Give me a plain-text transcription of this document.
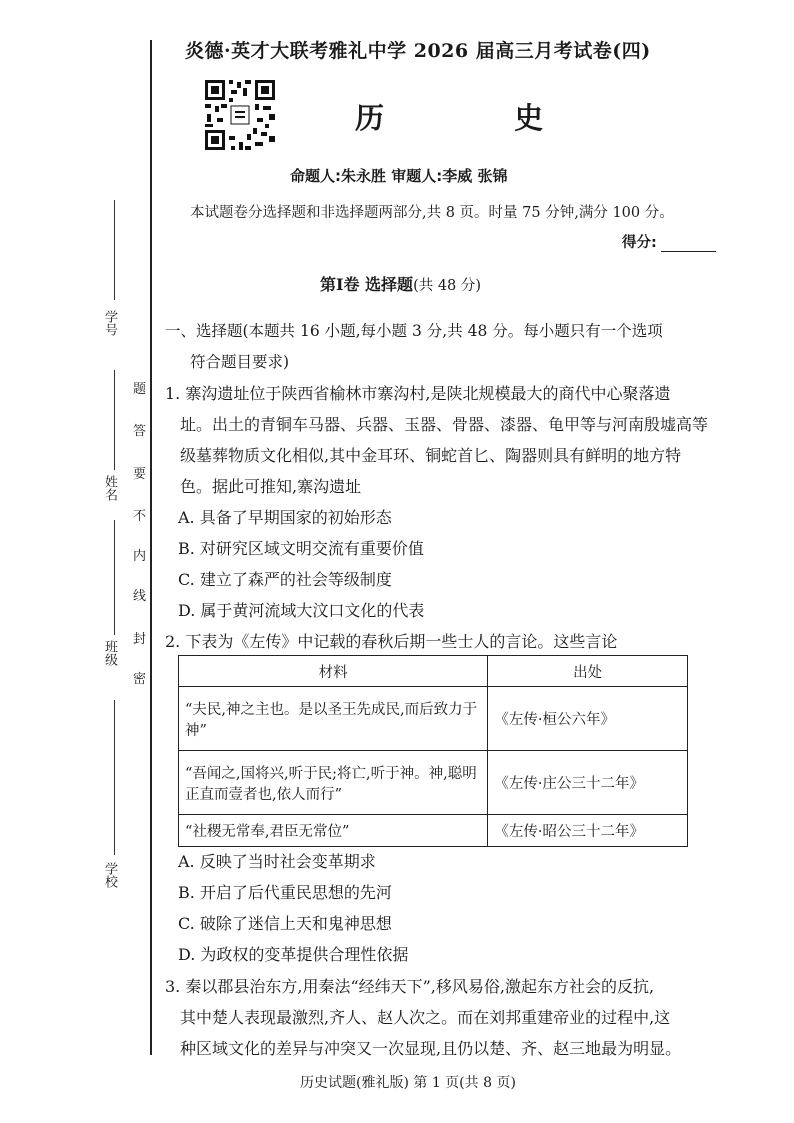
学校
班级
姓名
学号
密
封
线
内
不
要
答
题
炎德·英才大联考雅礼中学 2026 届高三月考试卷(四)
历 史
命题人:朱永胜 审题人:李威 张锦
本试题卷分选择题和非选择题两部分,共 8 页。时量 75 分钟,满分 100 分。
得分:
第Ⅰ卷 选择题(共 48 分)
一、选择题(本题共 16 小题,每小题 3 分,共 48 分。每小题只有一个选项
符合题目要求)
1. 寨沟遗址位于陕西省榆林市寨沟村,是陕北规模最大的商代中心聚落遗
址。出土的青铜车马器、兵器、玉器、骨器、漆器、龟甲等与河南殷墟高等
级墓葬物质文化相似,其中金耳环、铜蛇首匕、陶器则具有鲜明的地方特
色。据此可推知,寨沟遗址
A. 具备了早期国家的初始形态
B. 对研究区域文明交流有重要价值
C. 建立了森严的社会等级制度
D. 属于黄河流域大汶口文化的代表
2. 下表为《左传》中记载的春秋后期一些士人的言论。这些言论
材料	出处
“夫民,神之主也。是以圣王先成民,而后致力于神”	《左传·桓公六年》
“吾闻之,国将兴,听于民;将亡,听于神。神,聪明正直而壹者也,依人而行”	《左传·庄公三十二年》
“社稷无常奉,君臣无常位”	《左传·昭公三十二年》
A. 反映了当时社会变革期求
B. 开启了后代重民思想的先河
C. 破除了迷信上天和鬼神思想
D. 为政权的变革提供合理性依据
3. 秦以郡县治东方,用秦法“经纬天下”,移风易俗,激起东方社会的反抗,
其中楚人表现最激烈,齐人、赵人次之。而在刘邦重建帝业的过程中,这
种区域文化的差异与冲突又一次显现,且仍以楚、齐、赵三地最为明显。
历史试题(雅礼版) 第 1 页(共 8 页)
